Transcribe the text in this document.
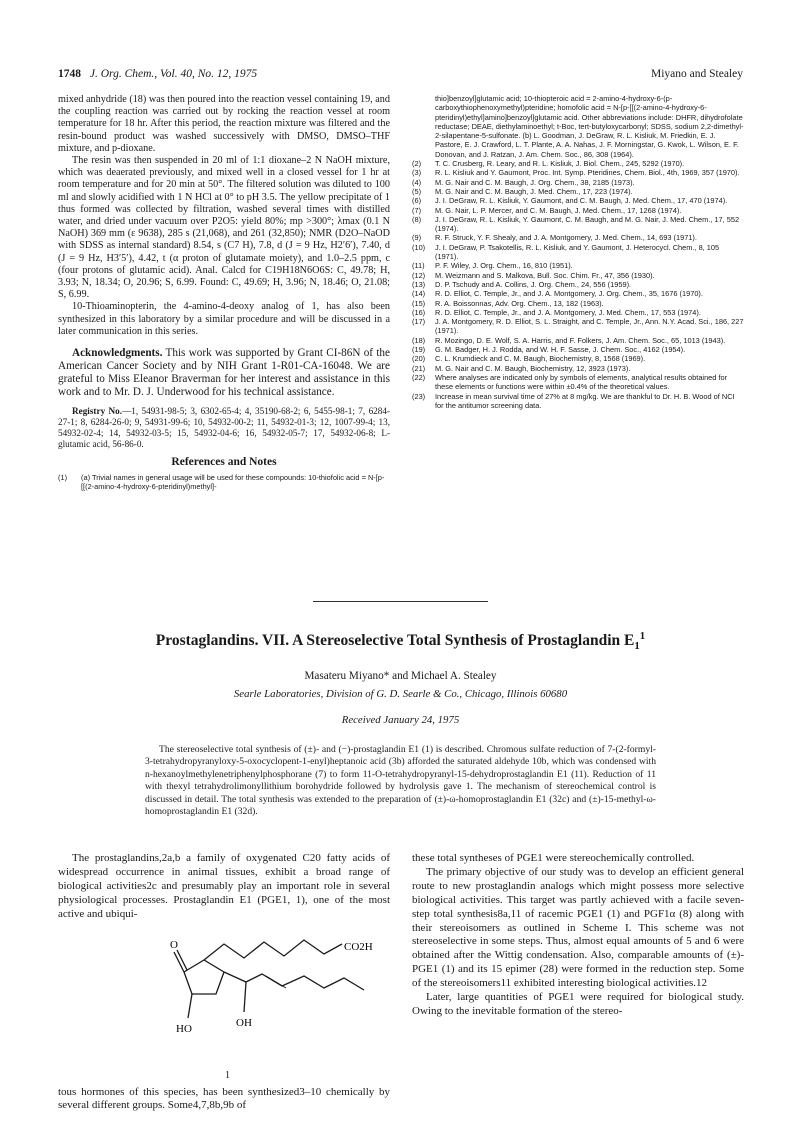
1748 J. Org. Chem., Vol. 40, No. 12, 1975	Miyano and Stealey

mixed anhydride (18) was then poured into the reaction vessel containing 19, and the coupling reaction was carried out by rocking the reaction vessel at room temperature for 18 hr. After this period, the reaction mixture was filtered and the resin-bound product was washed successively with DMSO, DMSO–THF mixture, and p-dioxane.

The resin was then suspended in 20 ml of 1:1 dioxane–2 N NaOH mixture, which was deaerated previously, and mixed well in a closed vessel for 1 hr at room temperature and for 20 min at 50°. The filtered solution was diluted to 100 ml and slowly acidified with 1 N HCl at 0° to pH 3.5. The yellow precipitate of 1 thus formed was collected by filtration, washed several times with distilled water, and dried under vacuum over P2O5: yield 80%; mp >300°; λmax (0.1 N NaOH) 369 mm (ε 9638), 285 s (21,068), and 261 (32,850); NMR (D2O–NaOD with SDSS as internal standard) 8.54, s (C7 H), 7.8, d (J = 9 Hz, H2′6′), 7.40, d (J = 9 Hz, H3′5′), 4.42, t (α proton of glutamate moiety), and 1.0–2.5 ppm, c (four protons of glutamic acid). Anal. Calcd for C19H18N6O6S: C, 49.78; H, 3.93; N, 18.34; O, 20.96; S, 6.99. Found: C, 49.69; H, 3.96; N, 18.46; O, 21.08; S, 6.99.

10-Thioaminopterin, the 4-amino-4-deoxy analog of 1, has also been synthesized in this laboratory by a similar procedure and will be discussed in a later communication in this series.

Acknowledgments. This work was supported by Grant CI-86N of the American Cancer Society and by NIH Grant 1-R01-CA-16048. We are grateful to Miss Eleanor Braverman for her interest and assistance in this work and to Mr. D. J. Underwood for his technical assistance.

Registry No.—1, 54931-98-5; 3, 6302-65-4; 4, 35190-68-2; 6, 5455-98-1; 7, 6284-27-1; 8, 6284-26-0; 9, 54931-99-6; 10, 54932-00-2; 11, 54932-01-3; 12, 1007-99-4; 13, 54932-02-4; 14, 54932-03-5; 15, 54932-04-6; 16, 54932-05-7; 17, 54932-06-8; L-glutamic acid, 56-86-0.

References and Notes
(1) (a) Trivial names in general usage will be used for these compounds: 10-thiofolic acid = N-[p-[[(2-amino-4-hydroxy-6-pteridinyl)methyl]-
thio]benzoyl]glutamic acid; 10-thiopteroic acid = 2-amino-4-hydroxy-6-(p-carboxythiophenoxymethyl)pteridine; homofolic acid = N-[p-[[(2-amino-4-hydroxy-6-pteridinyl)ethyl]amino]benzoyl]glutamic acid. Other abbreviations include: DHFR, dihydrofolate reductase; DEAE, diethylaminoethyl; t-Boc, tert-butyloxycarbonyl; SDSS, sodium 2,2-dimethyl-2-silapentane-5-sulfonate. (b) L. Goodman, J. DeGraw, R. L. Kisliuk, M. Friedkin, E. J. Pastore, E. J. Crawford, L. T. Plante, A. A. Nahas, J. F. Morningstar, G. Kwok, L. Wilson, E. F. Donovan, and J. Ratzan, J. Am. Chem. Soc., 86, 308 (1964).
(2) T. C. Crusberg, R. Leary, and R. L. Kisliuk, J. Biol. Chem., 245, 5292 (1970).
(3) R. L. Kisliuk and Y. Gaumont, Proc. Int. Symp. Pteridines, Chem. Biol., 4th, 1969, 357 (1970).
(4) M. G. Nair and C. M. Baugh, J. Org. Chem., 38, 2185 (1973).
(5) M. G. Nair and C. M. Baugh, J. Med. Chem., 17, 223 (1974).
(6) J. I. DeGraw, R. L. Kisliuk, Y. Gaumont, and C. M. Baugh, J. Med. Chem., 17, 470 (1974).
(7) M. G. Nair, L. P. Mercer, and C. M. Baugh, J. Med. Chem., 17, 1268 (1974).
(8) J. I. DeGraw, R. L. Kisliuk, Y. Gaumont, C. M. Baugh, and M. G. Nair, J. Med. Chem., 17, 552 (1974).
(9) R. F. Struck, Y. F. Shealy, and J. A. Montgomery, J. Med. Chem., 14, 693 (1971).
(10) J. I. DeGraw, P. Tsakotellis, R. L. Kisliuk, and Y. Gaumont, J. Heterocycl. Chem., 8, 105 (1971).
(11) P. F. Wiley, J. Org. Chem., 16, 810 (1951).
(12) M. Weizmann and S. Malkova, Bull. Soc. Chim. Fr., 47, 356 (1930).
(13) D. P. Tschudy and A. Collins, J. Org. Chem., 24, 556 (1959).
(14) R. D. Elliot, C. Temple, Jr., and J. A. Montgomery, J. Org. Chem., 35, 1676 (1970).
(15) R. A. Boissonnas, Adv. Org. Chem., 13, 182 (1963).
(16) R. D. Elliot, C. Temple, Jr., and J. A. Montgomery, J. Med. Chem., 17, 553 (1974).
(17) J. A. Montgomery, R. D. Elliot, S. L. Straight, and C. Temple, Jr., Ann. N.Y. Acad. Sci., 186, 227 (1971).
(18) R. Mozingo, D. E. Wolf, S. A. Harris, and F. Folkers, J. Am. Chem. Soc., 65, 1013 (1943).
(19) G. M. Badger, H. J. Rodda, and W. H. F. Sasse, J. Chem. Soc., 4162 (1954).
(20) C. L. Krumdieck and C. M. Baugh, Biochemistry, 8, 1568 (1969).
(21) M. G. Nair and C. M. Baugh, Biochemistry, 12, 3923 (1973).
(22) Where analyses are indicated only by symbols of elements, analytical results obtained for these elements or functions were within ±0.4% of the theoretical values.
(23) Increase in mean survival time of 27% at 8 mg/kg. We are thankful to Dr. H. B. Wood of NCI for the antitumor screening data.
Prostaglandins. VII. A Stereoselective Total Synthesis of Prostaglandin $E_1^1$
Masateru Miyano* and Michael A. Stealey
Searle Laboratories, Division of G. D. Searle & Co., Chicago, Illinois 60680
Received January 24, 1975

The stereoselective total synthesis of (±)- and (−)-prostaglandin E1 (1) is described. Chromous sulfate reduction of 7-(2-formyl-3-tetrahydropyranyloxy-5-oxocyclopent-1-enyl)heptanoic acid (3b) afforded the saturated aldehyde 10b, which was condensed with n-hexanoylmethylenetriphenylphosphorane (7) to form 11-O-tetrahydropyranyl-15-dehydroprostaglandin E1 (11). Reduction of 11 with thexyl tetrahydrolimonyllithium borohydride followed by hydrolysis gave 1. The mechanism of stereochemical control is discussed in detail. The total synthesis was extended to the preparation of (±)-ω-homoprostaglandin E1 (32c) and (±)-15-methyl-ω-homoprostaglandin E1 (32d).

The prostaglandins,2a,b a family of oxygenated C20 fatty acids of widespread occurrence in animal tissues, exhibit a broad range of biological activities2c and presumably play an important role in several physiological processes. Prostaglandin E1 (PGE1, 1), one of the most active and ubiqui-

O	CO2H
HO	OH
1

tous hormones of this species, has been synthesized3–10 chemically by several different groups. Some4,7,8b,9b of

these total syntheses of PGE1 were stereochemically controlled.

The primary objective of our study was to develop an efficient general route to new prostaglandin analogs which might possess more selective biological activities. This target was partly achieved with a facile seven-step total synthesis8a,11 of racemic PGE1 (1) and PGF1α (8) along with their stereoisomers as outlined in Scheme I. This scheme was not stereoselective in some steps. Thus, almost equal amounts of 5 and 6 were obtained after the Wittig condensation. Also, comparable amounts of (±)-PGE1 (1) and its 15 epimer (28) were formed in the reduction step. Some of the stereoisomers11 exhibited interesting biological activities.12

Later, large quantities of PGE1 were required for biological study. Owing to the inevitable formation of the stereo-
